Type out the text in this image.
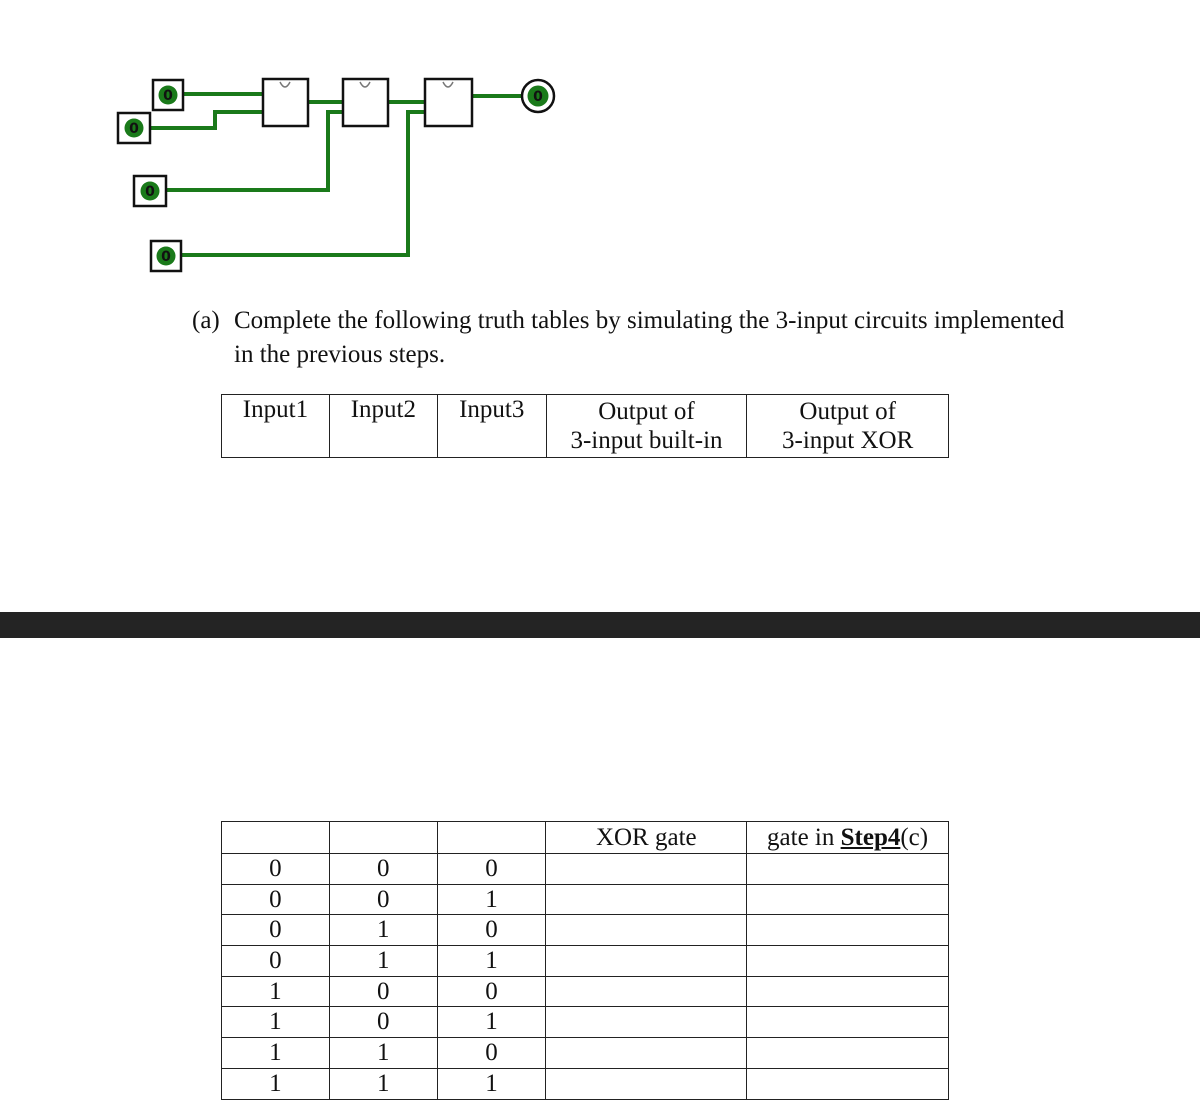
0
0
0
0
0
(a) Complete the following truth tables by simulating the 3-input circuits implemented
in the previous steps.
Input1	Input2	Input3	Output of
3-input built-in

Output of
3-input XOR
			XOR gate	gate in Step4(c)
0	0	0		
0	0	1		
0	1	0		
0	1	1		
1	0	0		
1	0	1		
1	1	0		
1	1	1		
